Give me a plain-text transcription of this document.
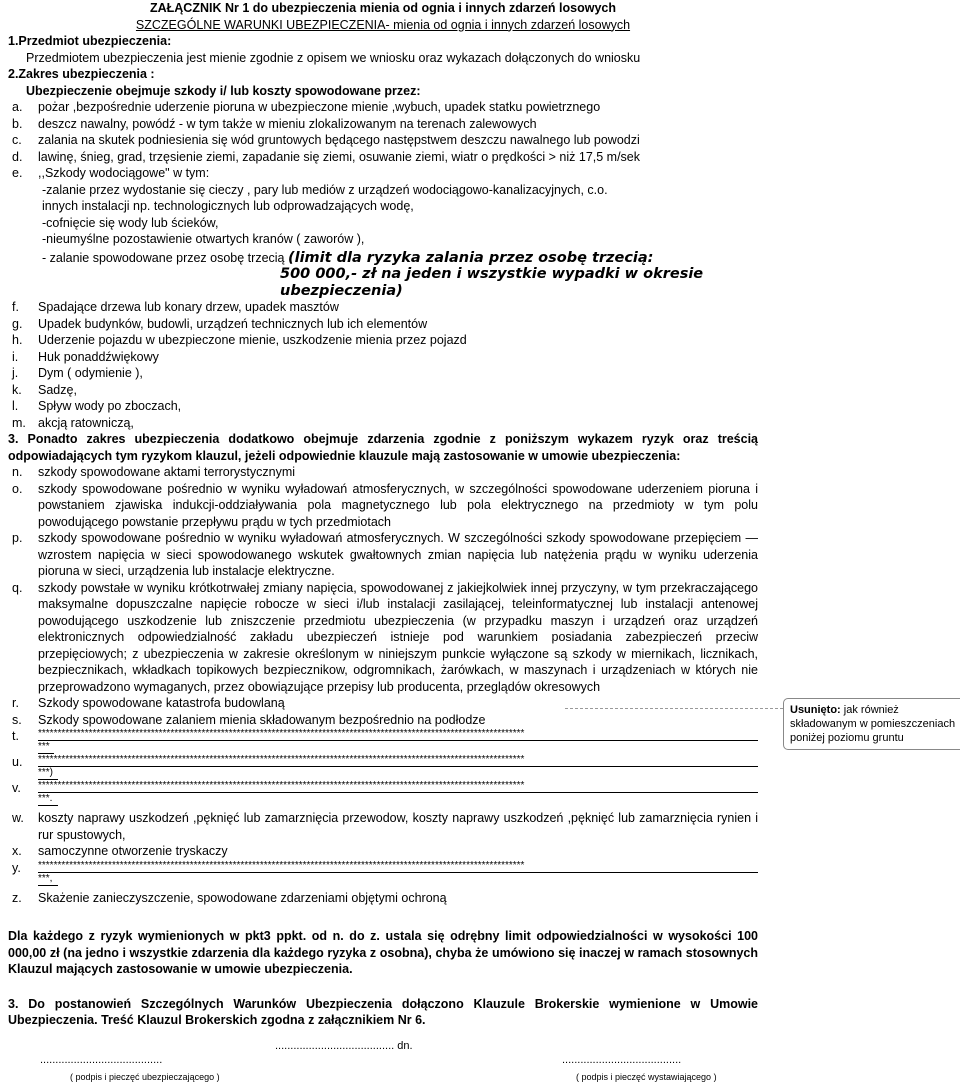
ZAŁĄCZNIK Nr 1 do ubezpieczenia mienia od ognia i innych zdarzeń losowych
SZCZEGÓLNE WARUNKI UBEZPIECZENIA- mienia od ognia i innych zdarzeń losowych
1.Przedmiot ubezpieczenia:
Przedmiotem ubezpieczenia jest mienie zgodnie z opisem we wniosku oraz wykazach dołączonych do wniosku
2.Zakres ubezpieczenia :
Ubezpieczenie obejmuje szkody i/ lub koszty spowodowane przez:
a.	pożar ,bezpośrednie uderzenie pioruna w ubezpieczone mienie ,wybuch, upadek statku powietrznego
b.	deszcz nawalny, powódź - w tym także w mieniu zlokalizowanym na terenach zalewowych
c.	zalania na skutek podniesienia się wód gruntowych będącego następstwem deszczu nawalnego lub powodzi
d.	lawinę, śnieg, grad, trzęsienie ziemi, zapadanie się ziemi, osuwanie ziemi, wiatr o prędkości > niż 17,5 m/sek
e.	,,Szkody wodociągowe" w tym:
-zalanie przez wydostanie się cieczy , pary lub mediów z urządzeń wodociągowo-kanalizacyjnych, c.o.
innych instalacji np. technologicznych lub odprowadzających wodę,
-cofnięcie się wody lub ścieków,
-nieumyślne pozostawienie otwartych kranów ( zaworów ),
- zalanie spowodowane przez osobę trzecią (limit dla ryzyka zalania przez osobę trzecią:
500 000,- zł na jeden i wszystkie wypadki w okresie ubezpieczenia)
f.	Spadające drzewa lub konary drzew, upadek masztów
g.	Upadek budynków, budowli, urządzeń technicznych lub ich elementów
h.	Uderzenie pojazdu w ubezpieczone mienie, uszkodzenie mienia przez pojazd
i.	Huk ponaddźwiękowy
j.	Dym ( odymienie ),
k.	Sadzę,
l.	Spływ wody po zboczach,
m. akcją ratowniczą,
3. Ponadto zakres ubezpieczenia dodatkowo obejmuje zdarzenia zgodnie z poniższym wykazem ryzyk oraz treścią odpowiadających tym ryzykom klauzul, jeżeli odpowiednie klauzule mają zastosowanie w umowie ubezpieczenia:
n.	szkody spowodowane aktami terrorystycznymi
o.	szkody spowodowane pośrednio w wyniku wyładowań atmosferycznych, w szczególności spowodowane uderzeniem pioruna i powstaniem zjawiska indukcji-oddziaływania pola magnetycznego lub pola elektrycznego na przedmioty w tym polu powodującego powstanie przepływu prądu w tych przedmiotach
p.	szkody spowodowane pośrednio w wyniku wyładowań atmosferycznych. W szczególności szkody spowodowane przepięciem — wzrostem napięcia w sieci spowodowanego wskutek gwałtownych zmian napięcia lub natężenia prądu w wyniku uderzenia pioruna w sieci, urządzenia lub instalacje elektryczne.
q.	szkody powstałe w wyniku krótkotrwałej zmiany napięcia, spowodowanej z jakiejkolwiek innej przyczyny, w tym przekraczającego maksymalne dopuszczalne napięcie robocze w sieci i/lub instalacji zasilającej, teleinformatycznej lub instalacji antenowej powodującego uszkodzenie lub zniszczenie przedmiotu ubezpieczenia (w przypadku maszyn i urządzeń oraz urządzeń elektronicznych odpowiedzialność zakładu ubezpieczeń istnieje pod warunkiem posiadania zabezpieczeń przeciw przepięciowych; z ubezpieczenia w zakresie określonym w niniejszym punkcie wyłączone są szkody w miernikach, licznikach, bezpiecznikach, wkładkach topikowych bezpiecznikow, odgromnikach, żarówkach, w maszynach i urządzeniach w których nie przeprowadzono wymaganych, przez obowiązujące przepisy lub producenta, przeglądów okresowych
r.	Szkody spowodowane katastrofa budowlaną
s.	Szkody spowodowane zalaniem mienia składowanym bezpośrednio na podłodze
t.	*****************************************************************************************************************************
***
u.	*****************************************************************************************************************************
***)
v.	*****************************************************************************************************************************
***.
w.	koszty naprawy uszkodzeń ,pęknięć lub zamarznięcia przewodow, koszty naprawy uszkodzeń ,pęknięć lub zamarznięcia rynien i rur spustowych,
x.	samoczynne otworzenie tryskaczy
y.	*****************************************************************************************************************************
***,
z.	Skażenie zanieczyszczenie, spowodowane zdarzeniami objętymi ochroną
Dla każdego z ryzyk wymienionych w pkt3 ppkt. od n. do z. ustala się odrębny limit odpowiedzialności w wysokości 100 000,00 zł (na jedno i wszystkie zdarzenia dla każdego ryzyka z osobna), chyba że umówiono się inaczej w ramach stosownych Klauzul mających zastosowanie w umowie ubezpieczenia.
3. Do postanowień Szczególnych Warunków Ubezpieczenia dołączono Klauzule Brokerskie wymienione w Umowie Ubezpieczenia. Treść Klauzul Brokerskich zgodna z załącznikiem Nr 6.
Usunięto: jak również składowanym w pomieszczeniach poniżej poziomu gruntu
........................................
( podpis i pieczęć ubezpieczającego )
....................................... dn.
.......................................
( podpis i pieczęć wystawiającego )
